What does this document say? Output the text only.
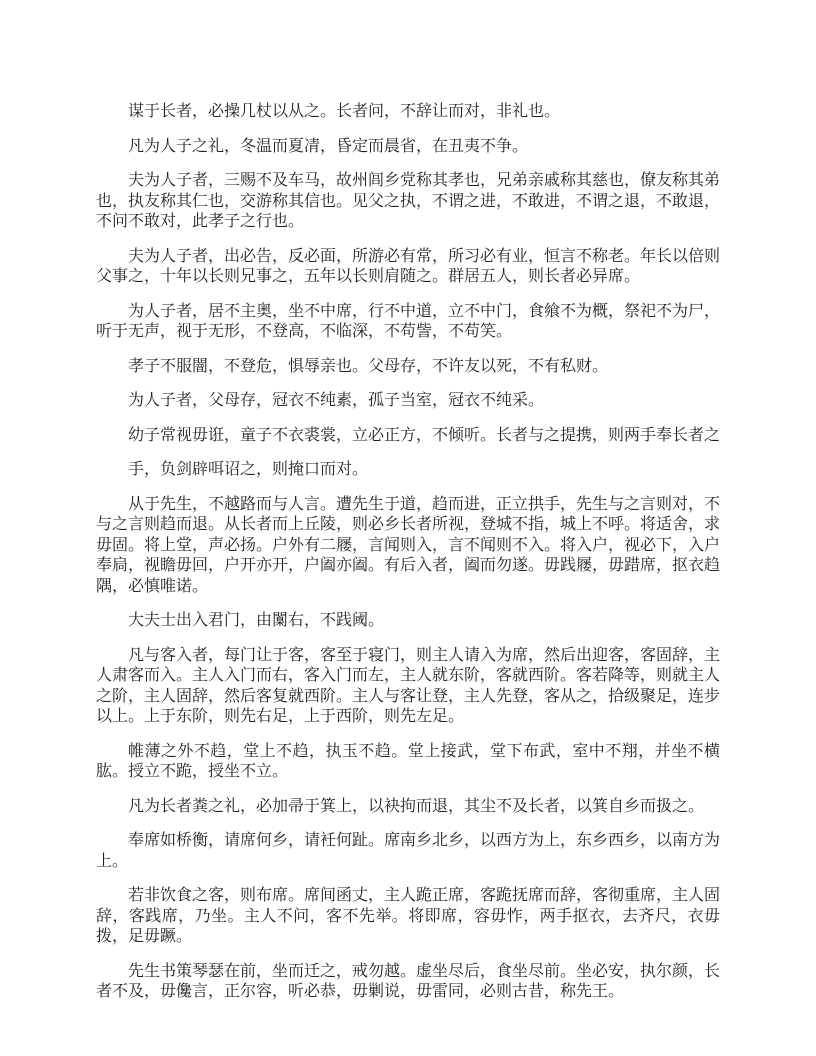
谋于长者，必操几杖以从之。长者问，不辞让而对，非礼也。

凡为人子之礼，冬温而夏凊，昏定而晨省，在丑夷不争。

夫为人子者，三赐不及车马，故州闾乡党称其孝也，兄弟亲戚称其慈也，僚友称其弟也，执友称其仁也，交游称其信也。见父之执，不谓之进，不敢进，不谓之退，不敢退，不问不敢对，此孝子之行也。

夫为人子者，出必告，反必面，所游必有常，所习必有业，恒言不称老。年长以倍则父事之，十年以长则兄事之，五年以长则肩随之。群居五人，则长者必异席。

为人子者，居不主奥，坐不中席，行不中道，立不中门，食飨不为概，祭祀不为尸，听于无声，视于无形，不登高，不临深，不苟訾，不苟笑。

孝子不服闇，不登危，惧辱亲也。父母存，不许友以死，不有私财。

为人子者，父母存，冠衣不纯素，孤子当室，冠衣不纯采。

幼子常视毋诳，童子不衣裘裳，立必正方，不倾听。长者与之提携，则两手奉长者之

手，负剑辟咡诏之，则掩口而对。

从于先生，不越路而与人言。遭先生于道，趋而进，正立拱手，先生与之言则对，不与之言则趋而退。从长者而上丘陵，则必乡长者所视，登城不指，城上不呼。将适舍，求毋固。将上堂，声必扬。户外有二屦，言闻则入，言不闻则不入。将入户，视必下，入户奉扃，视瞻毋回，户开亦开，户阖亦阖。有后入者，阖而勿遂。毋践屦，毋踖席，抠衣趋隅，必慎唯诺。

大夫士出入君门，由闑右，不践阈。

凡与客入者，每门让于客，客至于寝门，则主人请入为席，然后出迎客，客固辞，主人肃客而入。主人入门而右，客入门而左，主人就东阶，客就西阶。客若降等，则就主人之阶，主人固辞，然后客复就西阶。主人与客让登，主人先登，客从之，拾级聚足，连步以上。上于东阶，则先右足，上于西阶，则先左足。

帷薄之外不趋，堂上不趋，执玉不趋。堂上接武，堂下布武，室中不翔，并坐不横肱。授立不跪，授坐不立。

凡为长者粪之礼，必加帚于箕上，以袂拘而退，其尘不及长者，以箕自乡而扱之。

奉席如桥衡，请席何乡，请衽何趾。席南乡北乡，以西方为上，东乡西乡，以南方为上。

若非饮食之客，则布席。席间函丈，主人跪正席，客跪抚席而辞，客彻重席，主人固辞，客践席，乃坐。主人不问，客不先举。将即席，容毋怍，两手抠衣，去齐尺，衣毋拨，足毋蹶。

先生书策琴瑟在前，坐而迁之，戒勿越。虚坐尽后，食坐尽前。坐必安，执尔颜，长者不及，毋儳言，正尔容，听必恭，毋剿说，毋雷同，必则古昔，称先王。
